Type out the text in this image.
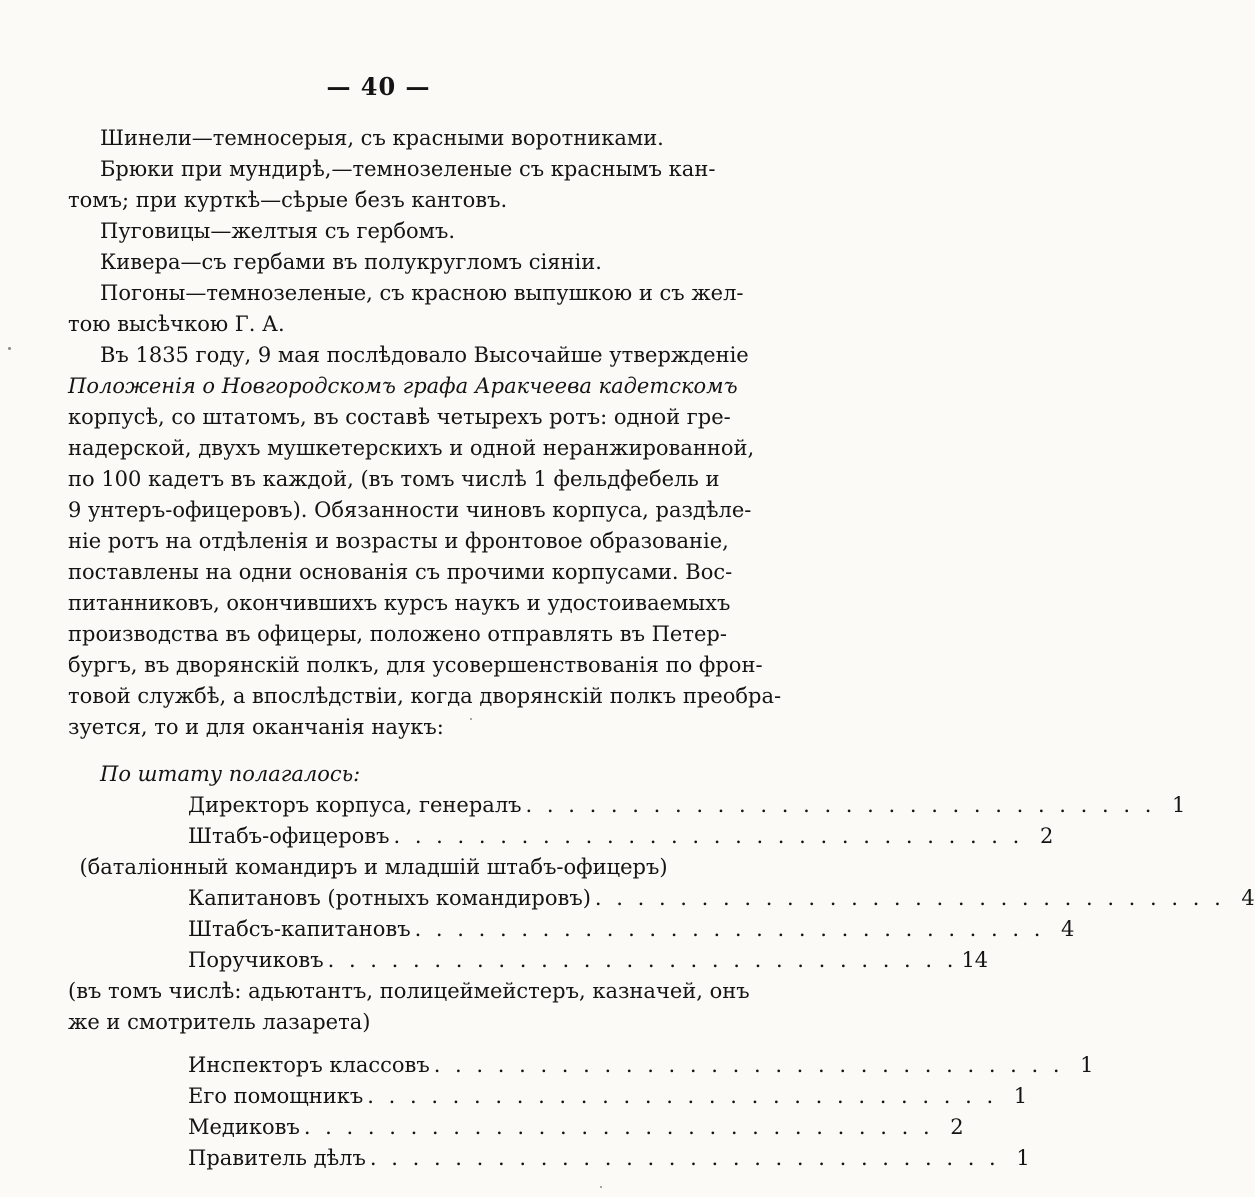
— 40 —
Шинели—темносерыя, съ красными воротниками.
Брюки при мундирѣ,—темнозеленые съ краснымъ кан-
томъ; при курткѣ—сѣрые безъ кантовъ.
Пуговицы—желтыя съ гербомъ.
Кивера—съ гербами въ полукругломъ сіяніи.
Погоны—темнозеленые, съ красною выпушкою и съ жел-
тою высѣчкою Г. А.
Въ 1835 году, 9 мая послѣдовало Высочайше утвержденіе
Положенія о Новгородскомъ графа Аракчеева кадетскомъ
корпусѣ, со штатомъ, въ составѣ четырехъ ротъ: одной гре-
надерской, двухъ мушкетерскихъ и одной неранжированной,
по 100 кадетъ въ каждой, (въ томъ числѣ 1 фельдфебель и
9 унтеръ-офицеровъ). Обязанности чиновъ корпуса, раздѣле-
ніе ротъ на отдѣленія и возрасты и фронтовое образованіе,
поставлены на одни основанія съ прочими корпусами. Вос-
питанниковъ, окончившихъ курсъ наукъ и удостоиваемыхъ
производства въ офицеры, положено отправлять въ Петер-
бургъ, въ дворянскій полкъ, для усовершенствованія по фрон-
товой службѣ, а впослѣдствіи, когда дворянскій полкъ преобра-
зуется, то и для оканчанія наукъ:
По штату полагалось:
Директоръ корпуса, генералъ . . .	1
Штабъ-офицеровъ . . .	2
(баталіонный командиръ и младшій штабъ-офицеръ)
Капитановъ (ротныхъ командировъ) . . .	4
Штабсъ-капитановъ . . .	4
Поручиковъ . . .	14
(въ томъ числѣ: адьютантъ, полицеймейстеръ, казначей, онъ
же и смотритель лазарета)
Инспекторъ классовъ . . .	1
Его помощникъ . . .	1
Медиковъ . . .	2
Правитель дѣлъ . . .	1
